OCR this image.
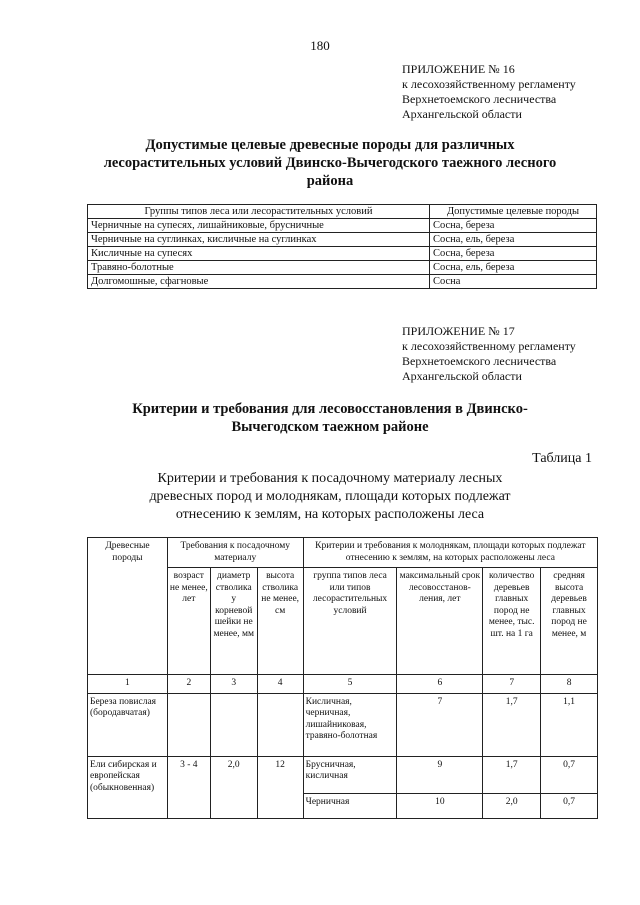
180
ПРИЛОЖЕНИЕ № 16
к лесохозяйственному регламенту
Верхнетоемского лесничества
Архангельской области
Допустимые целевые древесные породы для различных
лесорастительных условий Двинско-Вычегодского таежного лесного
района
Группы типов леса или лесорастительных условий	Допустимые целевые породы
Черничные на супесях, лишайниковые, брусничные	Сосна, береза
Черничные на суглинках, кисличные на суглинках	Сосна, ель, береза
Кисличные на супесях	Сосна, береза
Травяно-болотные	Сосна, ель, береза
Долгомошные, сфагновые	Сосна
ПРИЛОЖЕНИЕ № 17
к лесохозяйственному регламенту
Верхнетоемского лесничества
Архангельской области
Критерии и требования для лесовосстановления в Двинско-
Вычегодском таежном районе
Таблица 1
Критерии и требования к посадочному материалу лесных
древесных пород и молоднякам, площади которых подлежат
отнесению к землям, на которых расположены леса
Древесные породы	Требования к посадочному материалу			Критерии и требования к молоднякам, площади которых подлежат отнесению к землям, на которых расположены леса			
	возраст не менее, лет	диаметр стволика у корневой шейки не менее, мм	высота стволика не менее, см	группа типов леса или типов лесорастительных условий	максимальный срок лесовосстанов-ления, лет	количество деревьев главных пород не менее, тыс. шт. на 1 га	средняя высота деревьев главных пород не менее, м
1	2	3	4	5	6	7	8
Береза повислая (бородавчатая)				Кисличная, черничная, лишайниковая, травяно-болотная	7	1,7	1,1
Ели сибирская и европейская (обыкновенная)	3 - 4	2,0	12	Брусничная, кисличная	9	1,7	0,7
				Черничная	10	2,0	0,7
